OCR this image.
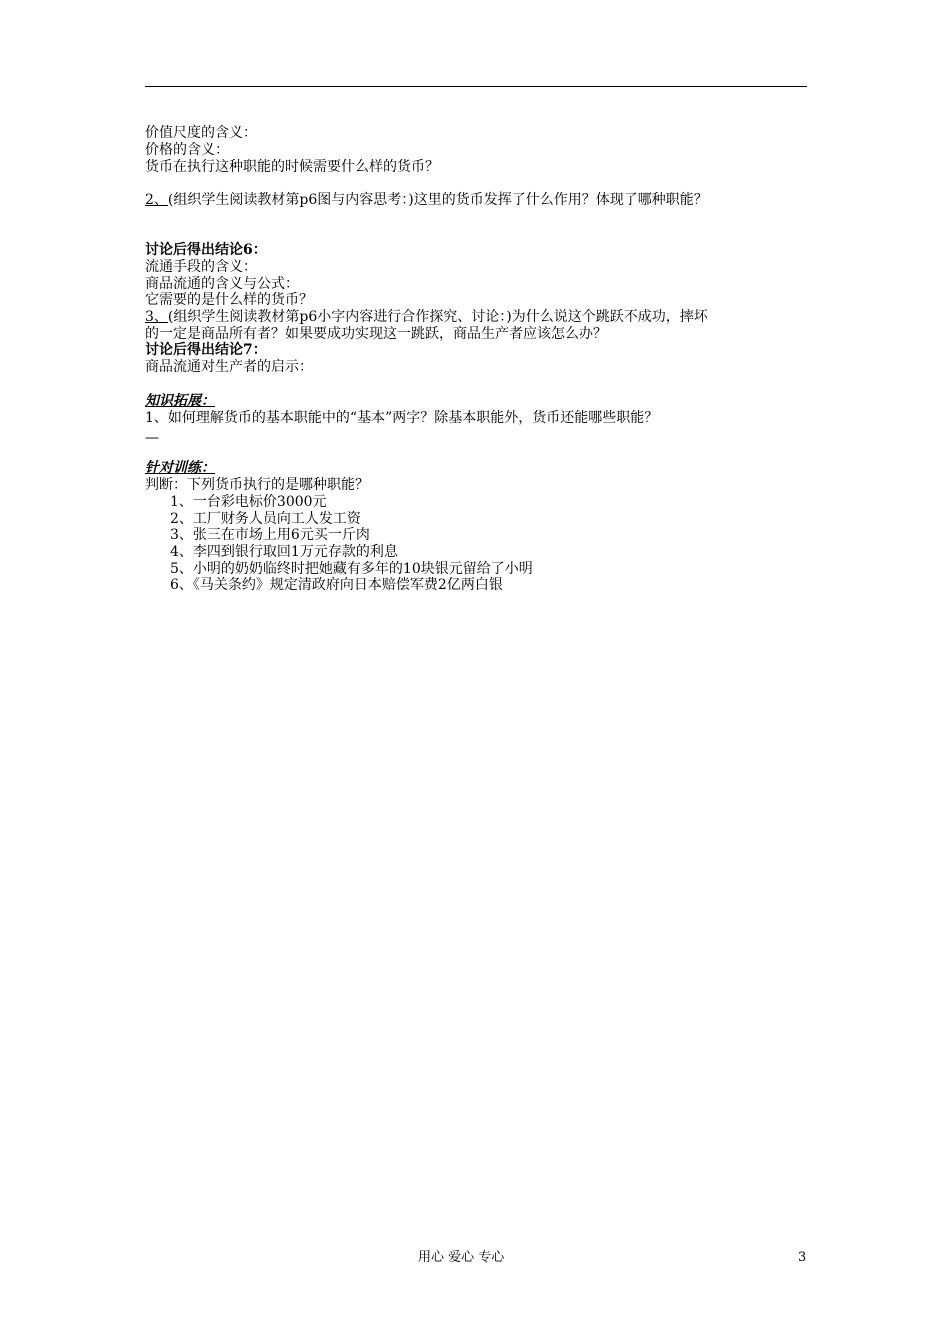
价值尺度的含义：
价格的含义：
货币在执行这种职能的时候需要什么样的货币？
2、(组织学生阅读教材第p6图与内容思考：)这里的货币发挥了什么作用？体现了哪种职能？
讨论后得出结论6：
流通手段的含义：
商品流通的含义与公式：
它需要的是什么样的货币？
3、(组织学生阅读教材第p6小字内容进行合作探究、讨论：)为什么说这个跳跃不成功，摔坏
的一定是商品所有者？如果要成功实现这一跳跃，商品生产者应该怎么办？
讨论后得出结论7：
商品流通对生产者的启示：
知识拓展：
1、如何理解货币的基本职能中的“基本”两字？除基本职能外，货币还能哪些职能？
—
针对训练：
判断：下列货币执行的是哪种职能？
1、一台彩电标价3000元
2、工厂财务人员向工人发工资
3、张三在市场上用6元买一斤肉
4、李四到银行取回1万元存款的利息
5、小明的奶奶临终时把她藏有多年的10块银元留给了小明
6、《马关条约》规定清政府向日本赔偿军费2亿两白银
用心 爱心 专心	3
